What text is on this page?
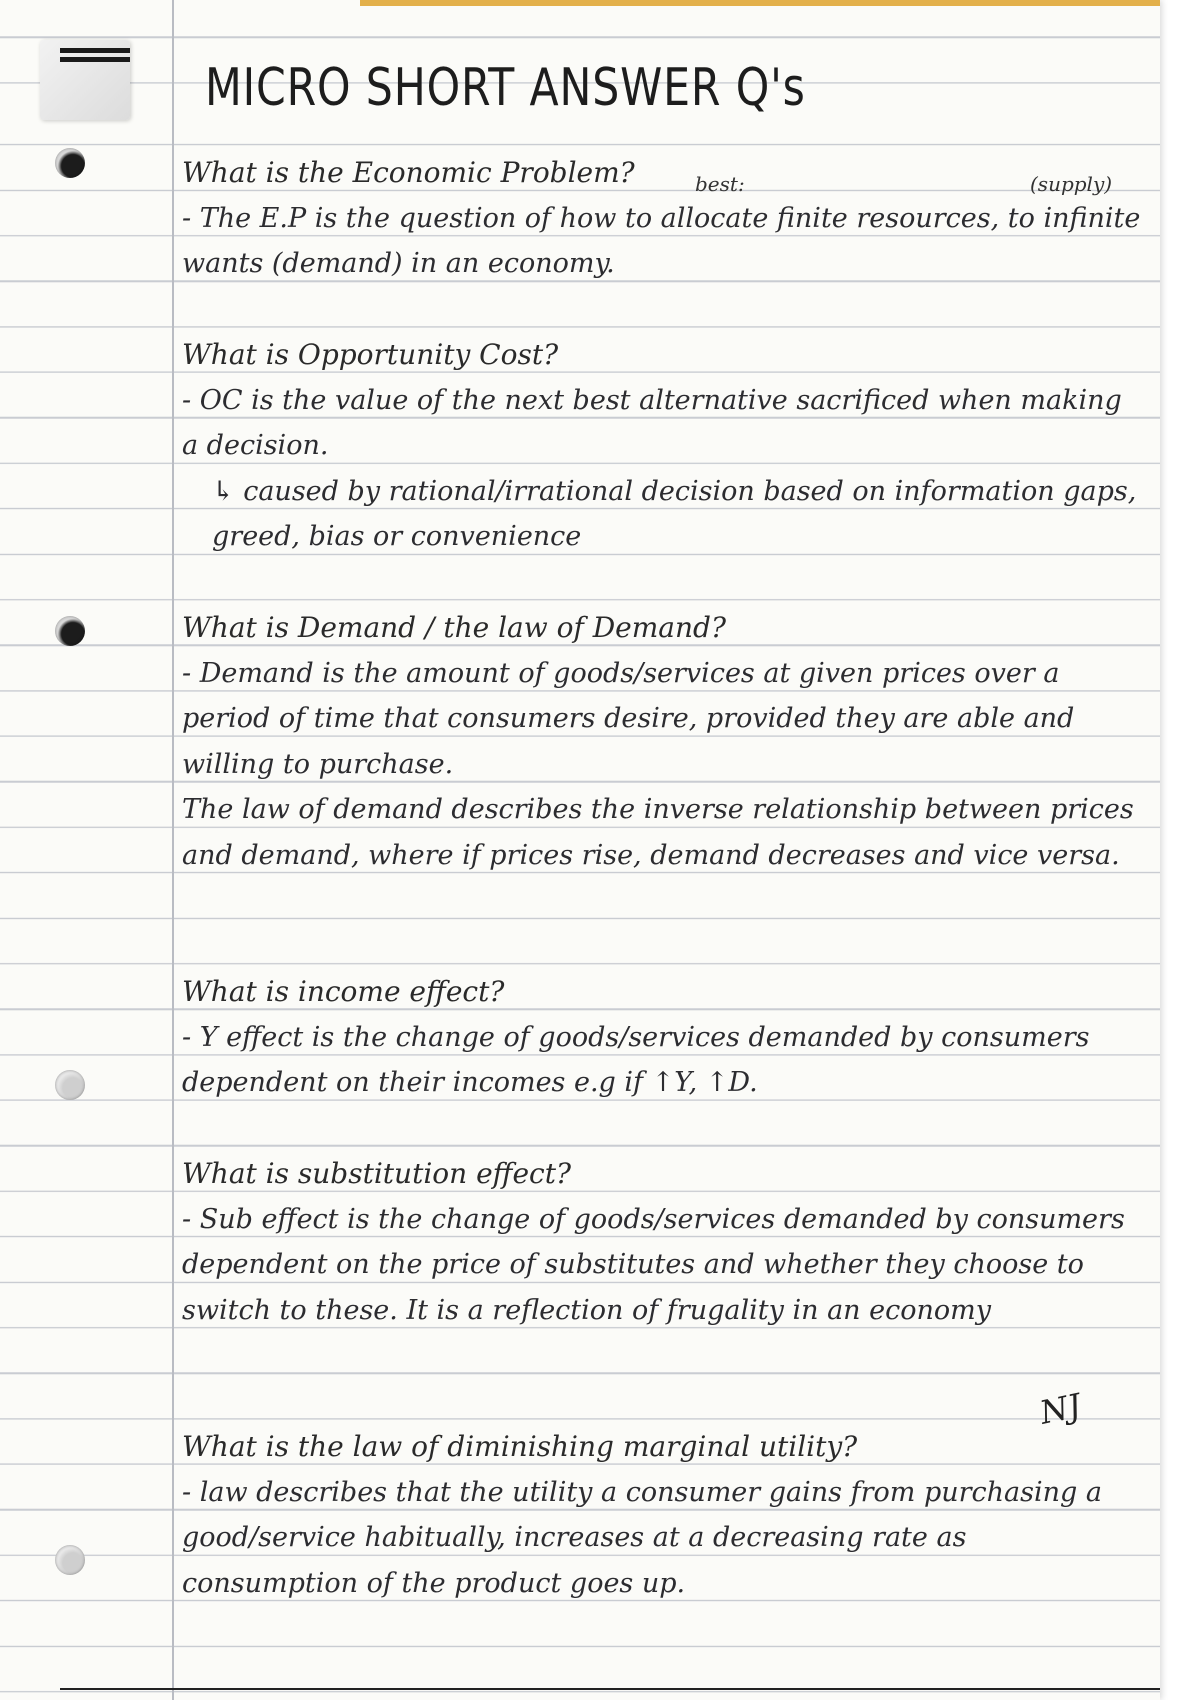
MICRO SHORT ANSWER Q's
best:	(supply)
What is the Economic Problem?

- The E.P is the question of how to allocate finite resources, to infinite wants (demand) in an economy.

What is Opportunity Cost?

- OC is the value of the next best alternative sacrificed when making a decision.

↳ caused by rational/irrational decision based on information gaps, greed, bias or convenience

What is Demand / the law of Demand?

- Demand is the amount of goods/services at given prices over a period of time that consumers desire, provided they are able and willing to purchase.

The law of demand describes the inverse relationship between prices and demand, where if prices rise, demand decreases and vice versa.

What is income effect?

- Y effect is the change of goods/services demanded by consumers dependent on their incomes e.g if ↑Y, ↑D.

What is substitution effect?

- Sub effect is the change of goods/services demanded by consumers dependent on the price of substitutes and whether they choose to switch to these. It is a reflection of frugality in an economy

NJ
What is the law of diminishing marginal utility?

- law describes that the utility a consumer gains from purchasing a good/service habitually, increases at a decreasing rate as consumption of the product goes up.
